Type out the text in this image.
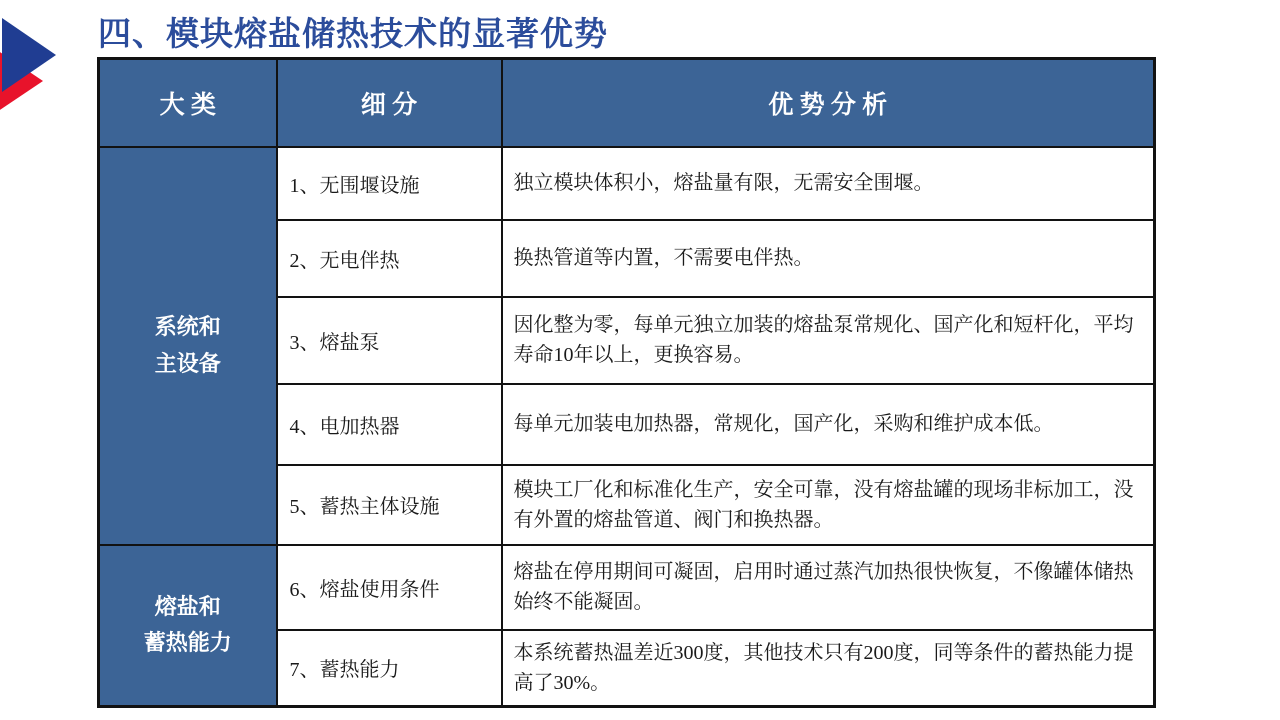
四、模块熔盐储热技术的显著优势
大 类	细 分	优 势 分 析
系统和
主设备	1、无围堰设施	独立模块体积小，熔盐量有限，无需安全围堰。
	2、无电伴热	换热管道等内置，不需要电伴热。
	3、熔盐泵	因化整为零，每单元独立加装的熔盐泵常规化、国产化和短杆化，平均寿命10年以上，更换容易。
	4、电加热器	每单元加装电加热器，常规化，国产化，采购和维护成本低。
	5、蓄热主体设施	模块工厂化和标准化生产，安全可靠，没有熔盐罐的现场非标加工，没有外置的熔盐管道、阀门和换热器。
熔盐和
蓄热能力	6、熔盐使用条件	熔盐在停用期间可凝固，启用时通过蒸汽加热很快恢复，不像罐体储热始终不能凝固。
	7、蓄热能力	本系统蓄热温差近300度，其他技术只有200度，同等条件的蓄热能力提高了30%。
